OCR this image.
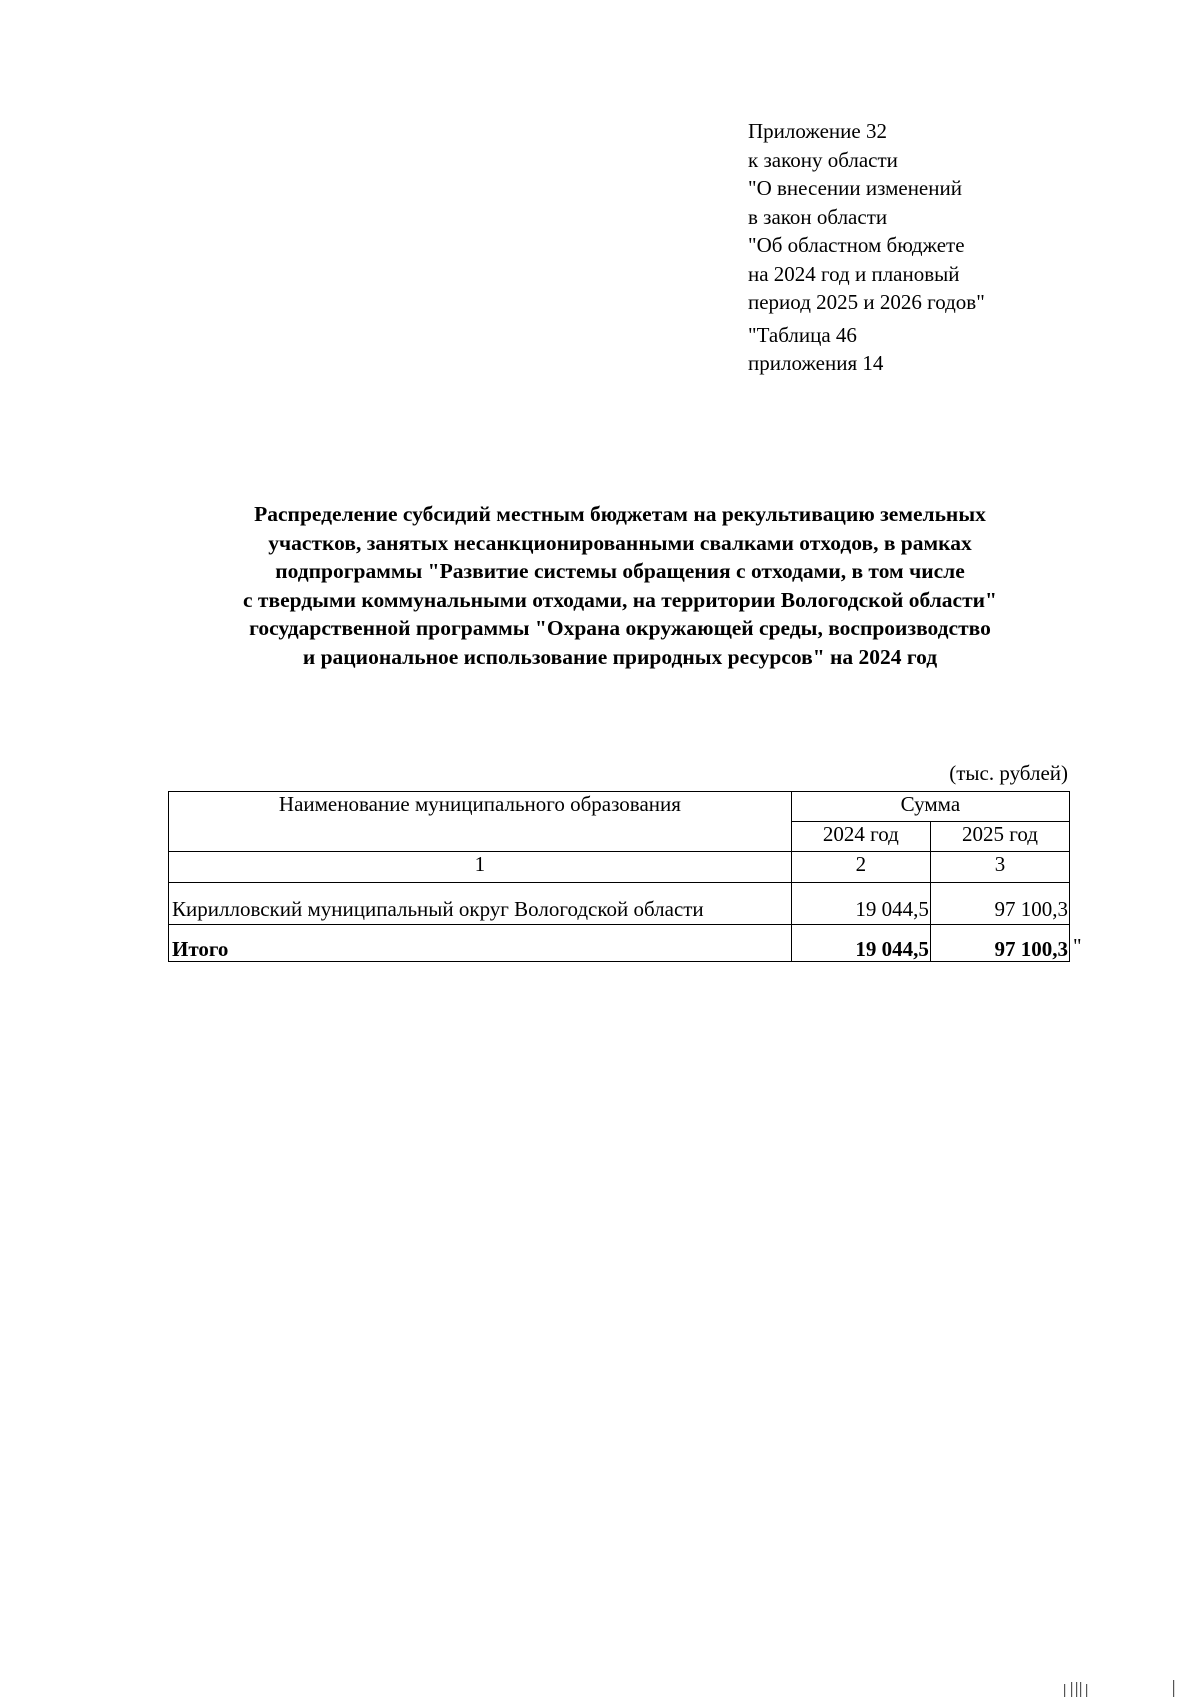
Приложение 32
к закону области
"О внесении изменений
в закон области
"Об областном бюджете
на 2024 год и плановый
период 2025 и 2026 годов"
"Таблица 46
приложения 14
Распределение субсидий местным бюджетам на рекультивацию земельных
участков, занятых несанкционированными свалками отходов, в рамках
подпрограммы "Развитие системы обращения с отходами, в том числе
с твердыми коммунальными отходами, на территории Вологодской области"
государственной программы "Охрана окружающей среды, воспроизводство
и рациональное использование природных ресурсов" на 2024 год
(тыс. рублей)
Наименование муниципального образования	Сумма	
	2024 год	2025 год
1	2	3
Кирилловский муниципальный округ Вологодской области	19 044,5	97 100,3
Итого	19 044,5	97 100,3 "
